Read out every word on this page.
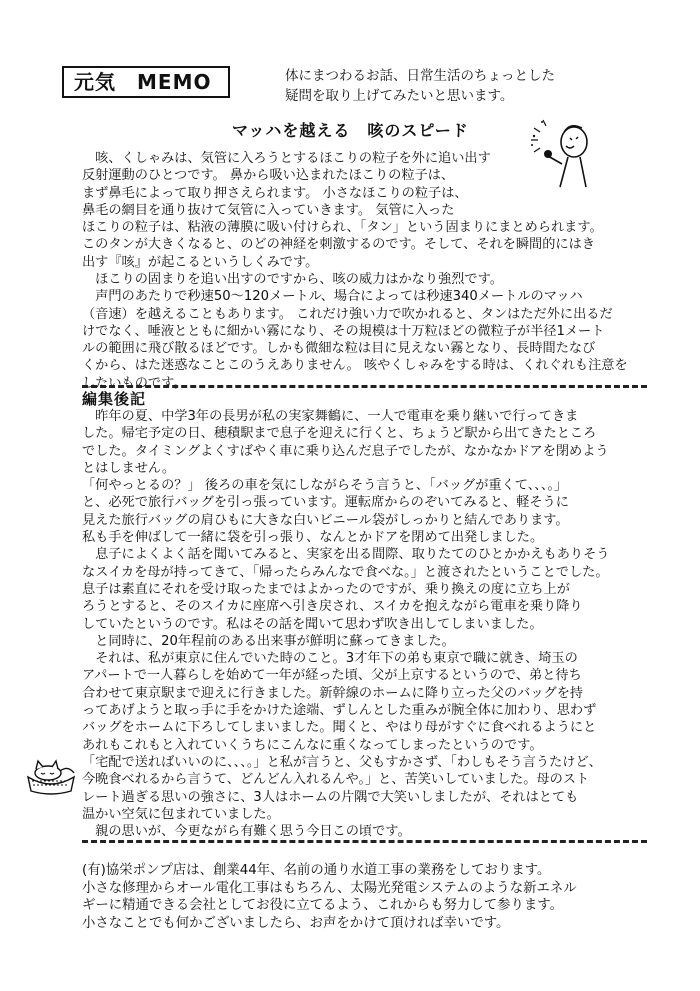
元気　MEMO	体にまつわるお話、日常生活のちょっとした
疑問を取り上げてみたいと思います。
マッハを越える　咳のスピード
　咳、くしゃみは、気管に入ろうとするほこりの粒子を外に追い出す
反射運動のひとつです。 鼻から吸い込まれたほこりの粒子は、
まず鼻毛によって取り押さえられます。 小さなほこりの粒子は、
鼻毛の網目を通り抜けて気管に入っていきます。 気管に入った
ほこりの粒子は、粘液の薄膜に吸い付けられ、「タン」という固まりにまとめられます。
このタンが大きくなると、のどの神経を刺激するのです。そして、それを瞬間的にはき
出す『咳』が起こるというしくみです。
　ほこりの固まりを追い出すのですから、咳の威力はかなり強烈です。
　声門のあたりで秒速50～120メートル、場合によっては秒速340メートルのマッハ
（音速）を越えることもあります。 これだけ強い力で吹かれると、タンはただ外に出るだ
けでなく、唾液とともに細かい霧になり、その規模は十万粒ほどの微粒子が半径1メート
ルの範囲に飛び散るほどです。しかも微細な粒は目に見えない霧となり、長時間たなび
くから、はた迷惑なことこのうえありません。 咳やくしゃみをする時は、くれぐれも注意を
したいものです。
編集後記
　昨年の夏、中学3年の長男が私の実家舞鶴に、一人で電車を乗り継いで行ってきま
した。帰宅予定の日、穂積駅まで息子を迎えに行くと、ちょうど駅から出てきたところ
でした。タイミングよくすばやく車に乗り込んだ息子でしたが、なかなかドアを閉めよう
とはしません。
「何やっとるの？」 後ろの車を気にしながらそう言うと、「バッグが重くて、、、。」
と、必死で旅行バッグを引っ張っています。運転席からのぞいてみると、軽そうに
見えた旅行バッグの肩ひもに大きな白いビニール袋がしっかりと結んであります。
私も手を伸ばして一緒に袋を引っ張り、なんとかドアを閉めて出発しました。
　息子によくよく話を聞いてみると、実家を出る間際、取りたてのひとかかえもありそう
なスイカを母が持ってきて、「帰ったらみんなで食べな。」と渡されたということでした。
息子は素直にそれを受け取ったまではよかったのですが、乗り換えの度に立ち上が
ろうとすると、そのスイカに座席へ引き戻され、スイカを抱えながら電車を乗り降り
していたというのです。私はその話を聞いて思わず吹き出してしまいました。
　と同時に、20年程前のある出来事が鮮明に蘇ってきました。
　それは、私が東京に住んでいた時のこと。3才年下の弟も東京で職に就き、埼玉の
アパートで一人暮らしを始めて一年が経った頃、父が上京するというので、弟と待ち
合わせて東京駅まで迎えに行きました。新幹線のホームに降り立った父のバッグを持
ってあげようと取っ手に手をかけた途端、ずしんとした重みが腕全体に加わり、思わず
バッグをホームに下ろしてしまいました。聞くと、やはり母がすぐに食べれるようにと
あれもこれもと入れていくうちにこんなに重くなってしまったというのです。
「宅配で送ればいいのに、、、。」と私が言うと、父もすかさず、「わしもそう言うたけど、
今晩食べれるから言うて、どんどん入れるんや。」と、苦笑いしていました。母のスト
レート過ぎる思いの強さに、3人はホームの片隅で大笑いしましたが、それはとても
温かい空気に包まれていました。
　親の思いが、今更ながら有難く思う今日この頃です。
(有)協栄ポンプ店は、創業44年、名前の通り水道工事の業務をしております。
小さな修理からオール電化工事はもちろん、太陽光発電システムのような新エネル
ギーに精通できる会社としてお役に立てるよう、これからも努力して参ります。
小さなことでも何かございましたら、お声をかけて頂ければ幸いです。
